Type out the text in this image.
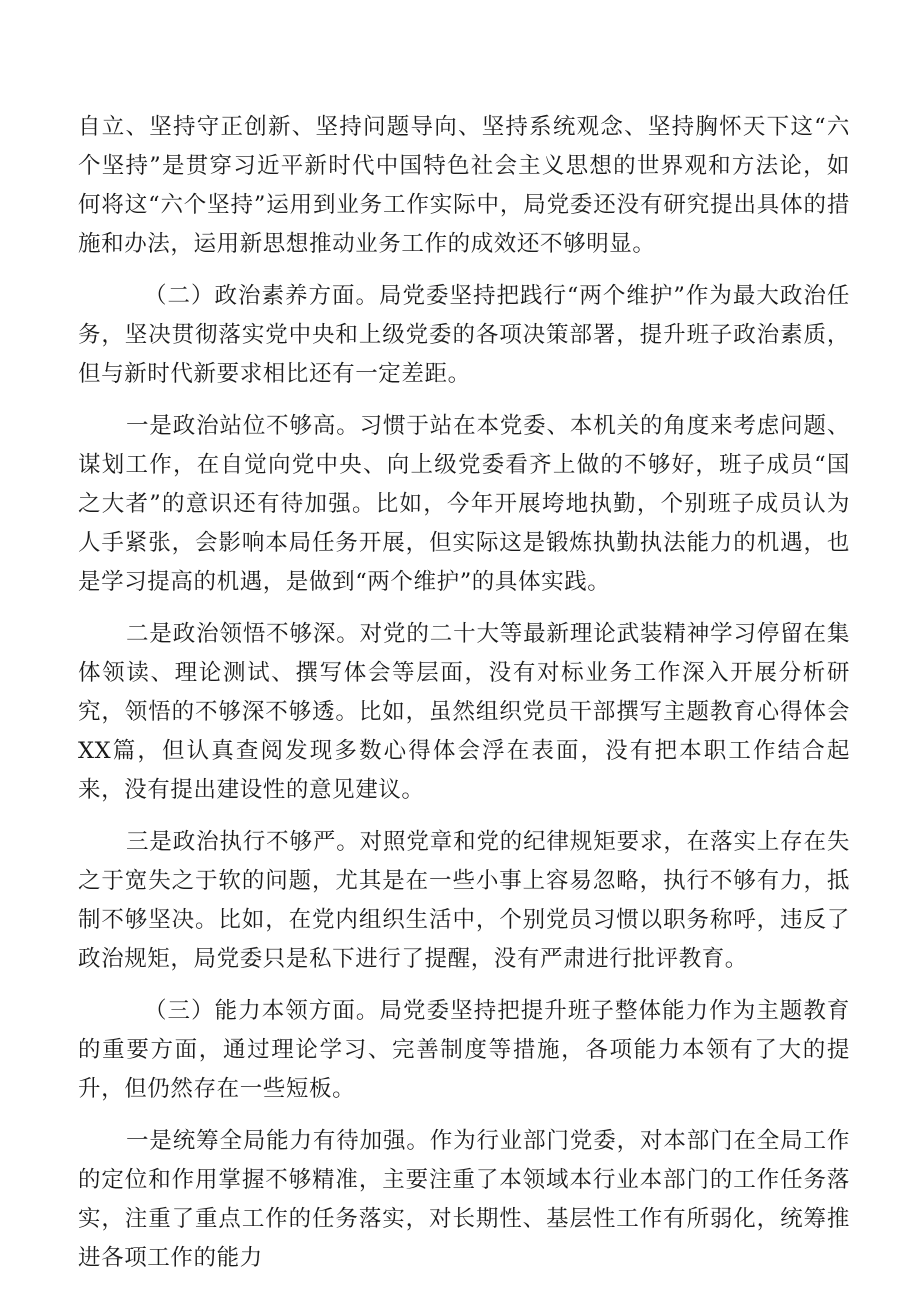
自立、坚持守正创新、坚持问题导向、坚持系统观念、坚持胸怀天下这“六个坚持”是贯穿习近平新时代中国特色社会主义思想的世界观和方法论，如何将这“六个坚持”运用到业务工作实际中，局党委还没有研究提出具体的措施和办法，运用新思想推动业务工作的成效还不够明显。

（二）政治素养方面。局党委坚持把践行“两个维护”作为最大政治任务，坚决贯彻落实党中央和上级党委的各项决策部署，提升班子政治素质，但与新时代新要求相比还有一定差距。

一是政治站位不够高。习惯于站在本党委、本机关的角度来考虑问题、谋划工作，在自觉向党中央、向上级党委看齐上做的不够好，班子成员“国之大者”的意识还有待加强。比如，今年开展垮地执勤，个别班子成员认为人手紧张，会影响本局任务开展，但实际这是锻炼执勤执法能力的机遇，也是学习提高的机遇，是做到“两个维护”的具体实践。

二是政治领悟不够深。对党的二十大等最新理论武装精神学习停留在集体领读、理论测试、撰写体会等层面，没有对标业务工作深入开展分析研究，领悟的不够深不够透。比如，虽然组织党员干部撰写主题教育心得体会XX篇，但认真查阅发现多数心得体会浮在表面，没有把本职工作结合起来，没有提出建设性的意见建议。

三是政治执行不够严。对照党章和党的纪律规矩要求，在落实上存在失之于宽失之于软的问题，尤其是在一些小事上容易忽略，执行不够有力，抵制不够坚决。比如，在党内组织生活中，个别党员习惯以职务称呼，违反了政治规矩，局党委只是私下进行了提醒，没有严肃进行批评教育。

（三）能力本领方面。局党委坚持把提升班子整体能力作为主题教育的重要方面，通过理论学习、完善制度等措施，各项能力本领有了大的提升，但仍然存在一些短板。

一是统筹全局能力有待加强。作为行业部门党委，对本部门在全局工作的定位和作用掌握不够精准，主要注重了本领域本行业本部门的工作任务落实，注重了重点工作的任务落实，对长期性、基层性工作有所弱化，统筹推进各项工作的能力
